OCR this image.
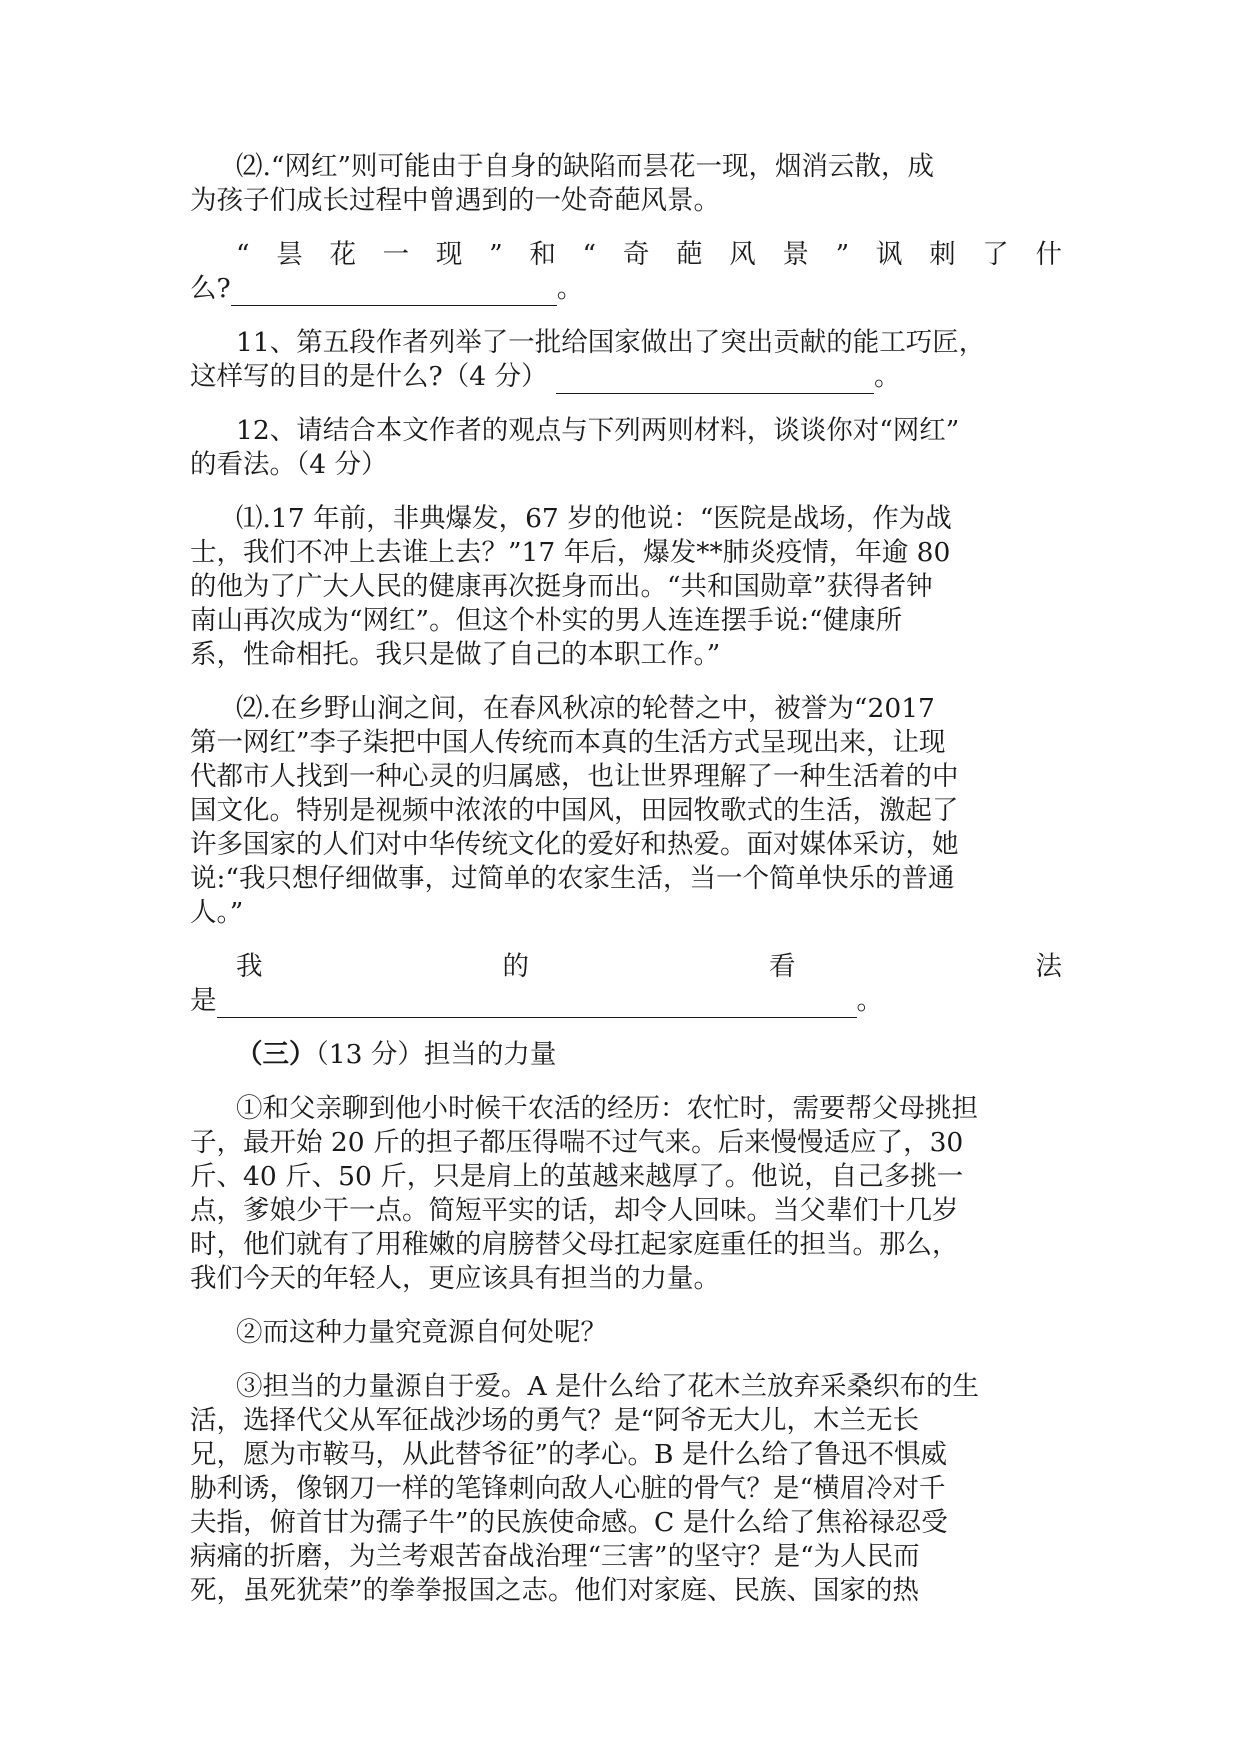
⑵.“网红”则可能由于自身的缺陷而昙花一现，烟消云散，成
为孩子们成长过程中曾遇到的一处奇葩风景。

“ 昙 花 一 现 ” 和 “ 奇 葩 风 景 ” 讽 刺 了 什

么?	。

11、第五段作者列举了一批给国家做出了突出贡献的能工巧匠，
这样写的目的是什么?（4 分）	。

12、请结合本文作者的观点与下列两则材料，谈谈你对“网红”
的看法。（4 分）

⑴.17 年前，非典爆发，67 岁的他说：“医院是战场，作为战
士，我们不冲上去谁上去？”17 年后，爆发**肺炎疫情，年逾 80
的他为了广大人民的健康再次挺身而出。“共和国勋章”获得者钟
南山再次成为“网红”。但这个朴实的男人连连摆手说:“健康所
系，性命相托。我只是做了自己的本职工作。”

⑵.在乡野山涧之间，在春风秋凉的轮替之中，被誉为“2017
第一网红”李子柒把中国人传统而本真的生活方式呈现出来，让现
代都市人找到一种心灵的归属感，也让世界理解了一种生活着的中
国文化。特别是视频中浓浓的中国风，田园牧歌式的生活，激起了
许多国家的人们对中华传统文化的爱好和热爱。面对媒体采访，她
说:“我只想仔细做事，过简单的农家生活，当一个简单快乐的普通
人。”

我	的	看	法

是	。

（三）（13 分）担当的力量

①和父亲聊到他小时候干农活的经历：农忙时，需要帮父母挑担
子，最开始 20 斤的担子都压得喘不过气来。后来慢慢适应了，30
斤、40 斤、50 斤，只是肩上的茧越来越厚了。他说，自己多挑一
点，爹娘少干一点。简短平实的话，却令人回味。当父辈们十几岁
时，他们就有了用稚嫩的肩膀替父母扛起家庭重任的担当。那么，
我们今天的年轻人，更应该具有担当的力量。

②而这种力量究竟源自何处呢？

③担当的力量源自于爱。A 是什么给了花木兰放弃采桑织布的生
活，选择代父从军征战沙场的勇气？是“阿爷无大儿，木兰无长
兄，愿为市鞍马，从此替爷征”的孝心。B 是什么给了鲁迅不惧威
胁利诱，像钢刀一样的笔锋刺向敌人心脏的骨气？是“横眉冷对千
夫指，俯首甘为孺子牛”的民族使命感。C 是什么给了焦裕禄忍受
病痛的折磨，为兰考艰苦奋战治理“三害”的坚守？是“为人民而
死，虽死犹荣”的拳拳报国之志。他们对家庭、民族、国家的热
